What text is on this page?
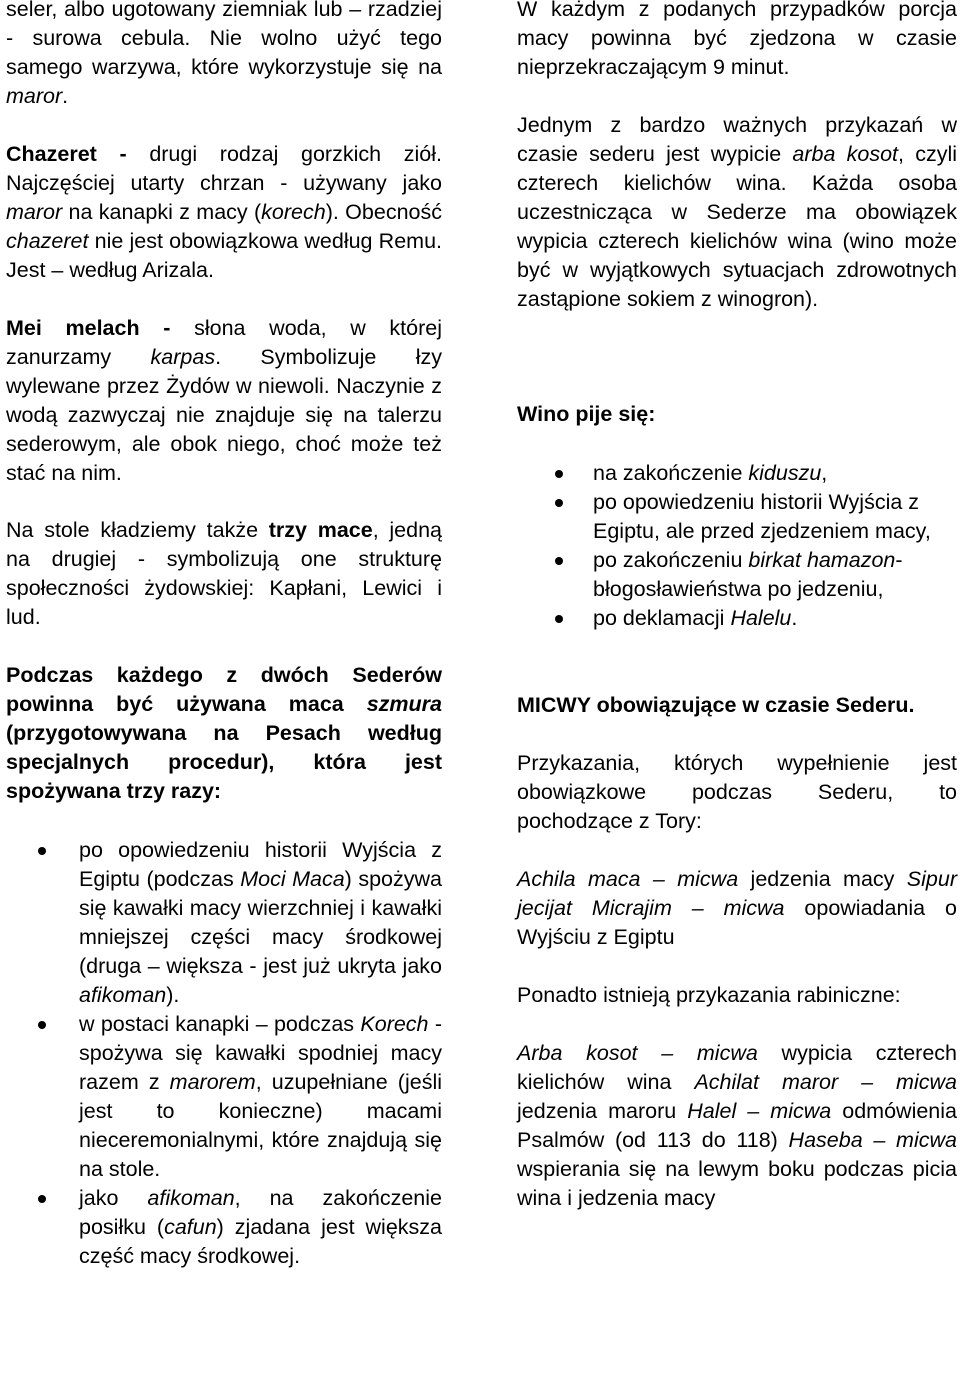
seler, albo ugotowany ziemniak lub – rzadziej - surowa cebula. Nie wolno użyć tego samego warzywa, które wykorzystuje się na maror.

Chazeret - drugi rodzaj gorzkich ziół. Najczęściej utarty chrzan - używany jako maror na kanapki z macy (korech). Obecność chazeret nie jest obowiązkowa według Remu. Jest – według Arizala.

Mei melach - słona woda, w której zanurzamy karpas. Symbolizuje łzy wylewane przez Żydów w niewoli. Naczynie z wodą zazwyczaj nie znajduje się na talerzu sederowym, ale obok niego, choć może też stać na nim.

Na stole kładziemy także trzy mace, jedną na drugiej - symbolizują one strukturę społeczności żydowskiej: Kapłani, Lewici i lud.

Podczas każdego z dwóch Sederów powinna być używana maca szmura (przygotowywana na Pesach według specjalnych procedur), która jest spożywana trzy razy:

po opowiedzeniu historii Wyjścia z Egiptu (podczas Moci Maca) spożywa się kawałki macy wierzchniej i kawałki mniejszej części macy środkowej (druga – większa - jest już ukryta jako afikoman).
w postaci kanapki – podczas Korech - spożywa się kawałki spodniej macy razem z marorem, uzupełniane (jeśli jest to konieczne) macami nieceremonialnymi, które znajdują się na stole.
jako afikoman, na zakończenie posiłku (cafun) zjadana jest większa część macy środkowej.

W każdym z podanych przypadków porcja macy powinna być zjedzona w czasie nieprzekraczającym 9 minut.

Jednym z bardzo ważnych przykazań w czasie sederu jest wypicie arba kosot, czyli czterech kielichów wina. Każda osoba uczestnicząca w Sederze ma obowiązek wypicia czterech kielichów wina (wino może być w wyjątkowych sytuacjach zdrowotnych zastąpione sokiem z winogron).

Wino pije się:

na zakończenie kiduszu,
po opowiedzeniu historii Wyjścia z Egiptu, ale przed zjedzeniem macy,
po zakończeniu birkat hamazon- błogosławieństwa po jedzeniu,
po deklamacji Halelu.

MICWY obowiązujące w czasie Sederu.

Przykazania, których wypełnienie jest obowiązkowe podczas Sederu, to pochodzące z Tory:

Achila maca – micwa jedzenia macy Sipur jecijat Micrajim – micwa opowiadania o Wyjściu z Egiptu

Ponadto istnieją przykazania rabiniczne:

Arba kosot – micwa wypicia czterech kielichów wina Achilat maror – micwa jedzenia maroru Halel – micwa odmówienia Psalmów (od 113 do 118) Haseba – micwa wspierania się na lewym boku podczas picia wina i jedzenia macy
